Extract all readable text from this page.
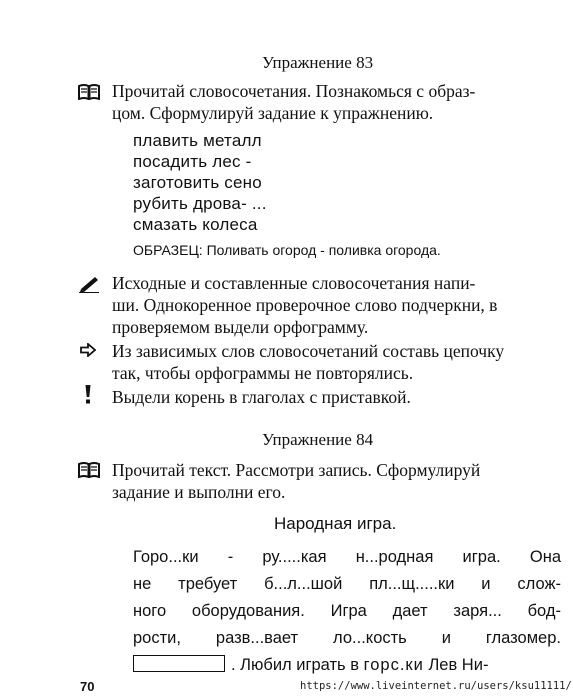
Упражнение 83
Прочитай словосочетания. Познакомься с образ-
цом. Сформулируй задание к упражнению.
плавить металл
посадить лес -
заготовить сено
рубить дрова- ...
смазать колеса
ОБРАЗЕЦ: Поливать огород - поливка огорода.
Исходные и составленные словосочетания напи-
ши. Однокоренное проверочное слово подчеркни, в
проверяемом выдели орфограмму.
Из зависимых слов словосочетаний составь цепочку
так, чтобы орфограммы не повторялись.
Выдели корень в глаголах с приставкой.
Упражнение 84
Прочитай текст. Рассмотри запись. Сформулируй
задание и выполни его.
Народная игра.
Горо...ки - ру.....кая н...родная игра. Она
не требует б...л...шой пл...щ.....ки и слож-
ного оборудования. Игра дает заря... бод-
рости, разв...вает ло...кость и глазомер.
. Любил играть в горс.ки Лев Ни-
70	https://www.liveinternet.ru/users/ksu11111/
